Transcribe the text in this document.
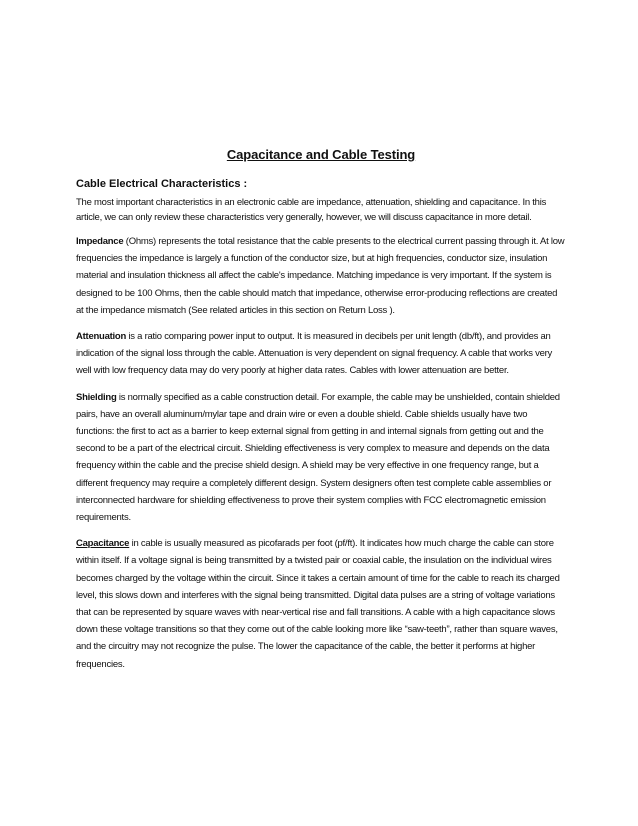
Capacitance and Cable Testing
Cable Electrical Characteristics :

The most important characteristics in an electronic cable are impedance, attenuation, shielding and capacitance. In this article, we can only review these characteristics very generally, however, we will discuss capacitance in more detail.

Impedance (Ohms) represents the total resistance that the cable presents to the electrical current passing through it. At low frequencies the impedance is largely a function of the conductor size, but at high frequencies, conductor size, insulation material and insulation thickness all affect the cable's impedance. Matching impedance is very important. If the system is designed to be 100 Ohms, then the cable should match that impedance, otherwise error-producing reflections are created at the impedance mismatch (See related articles in this section on Return Loss ).

Attenuation is a ratio comparing power input to output. It is measured in decibels per unit length (db/ft), and provides an indication of the signal loss through the cable. Attenuation is very dependent on signal frequency. A cable that works very well with low frequency data may do very poorly at higher data rates. Cables with lower attenuation are better.

Shielding is normally specified as a cable construction detail. For example, the cable may be unshielded, contain shielded pairs, have an overall aluminum/mylar tape and drain wire or even a double shield. Cable shields usually have two functions: the first to act as a barrier to keep external signal from getting in and internal signals from getting out and the second to be a part of the electrical circuit. Shielding effectiveness is very complex to measure and depends on the data frequency within the cable and the precise shield design. A shield may be very effective in one frequency range, but a different frequency may require a completely different design. System designers often test complete cable assemblies or interconnected hardware for shielding effectiveness to prove their system complies with FCC electromagnetic emission requirements.

Capacitance in cable is usually measured as picofarads per foot (pf/ft). It indicates how much charge the cable can store within itself. If a voltage signal is being transmitted by a twisted pair or coaxial cable, the insulation on the individual wires becomes charged by the voltage within the circuit. Since it takes a certain amount of time for the cable to reach its charged level, this slows down and interferes with the signal being transmitted. Digital data pulses are a string of voltage variations that can be represented by square waves with near-vertical rise and fall transitions. A cable with a high capacitance slows down these voltage transitions so that they come out of the cable looking more like “saw-teeth”, rather than square waves, and the circuitry may not recognize the pulse. The lower the capacitance of the cable, the better it performs at higher frequencies.
